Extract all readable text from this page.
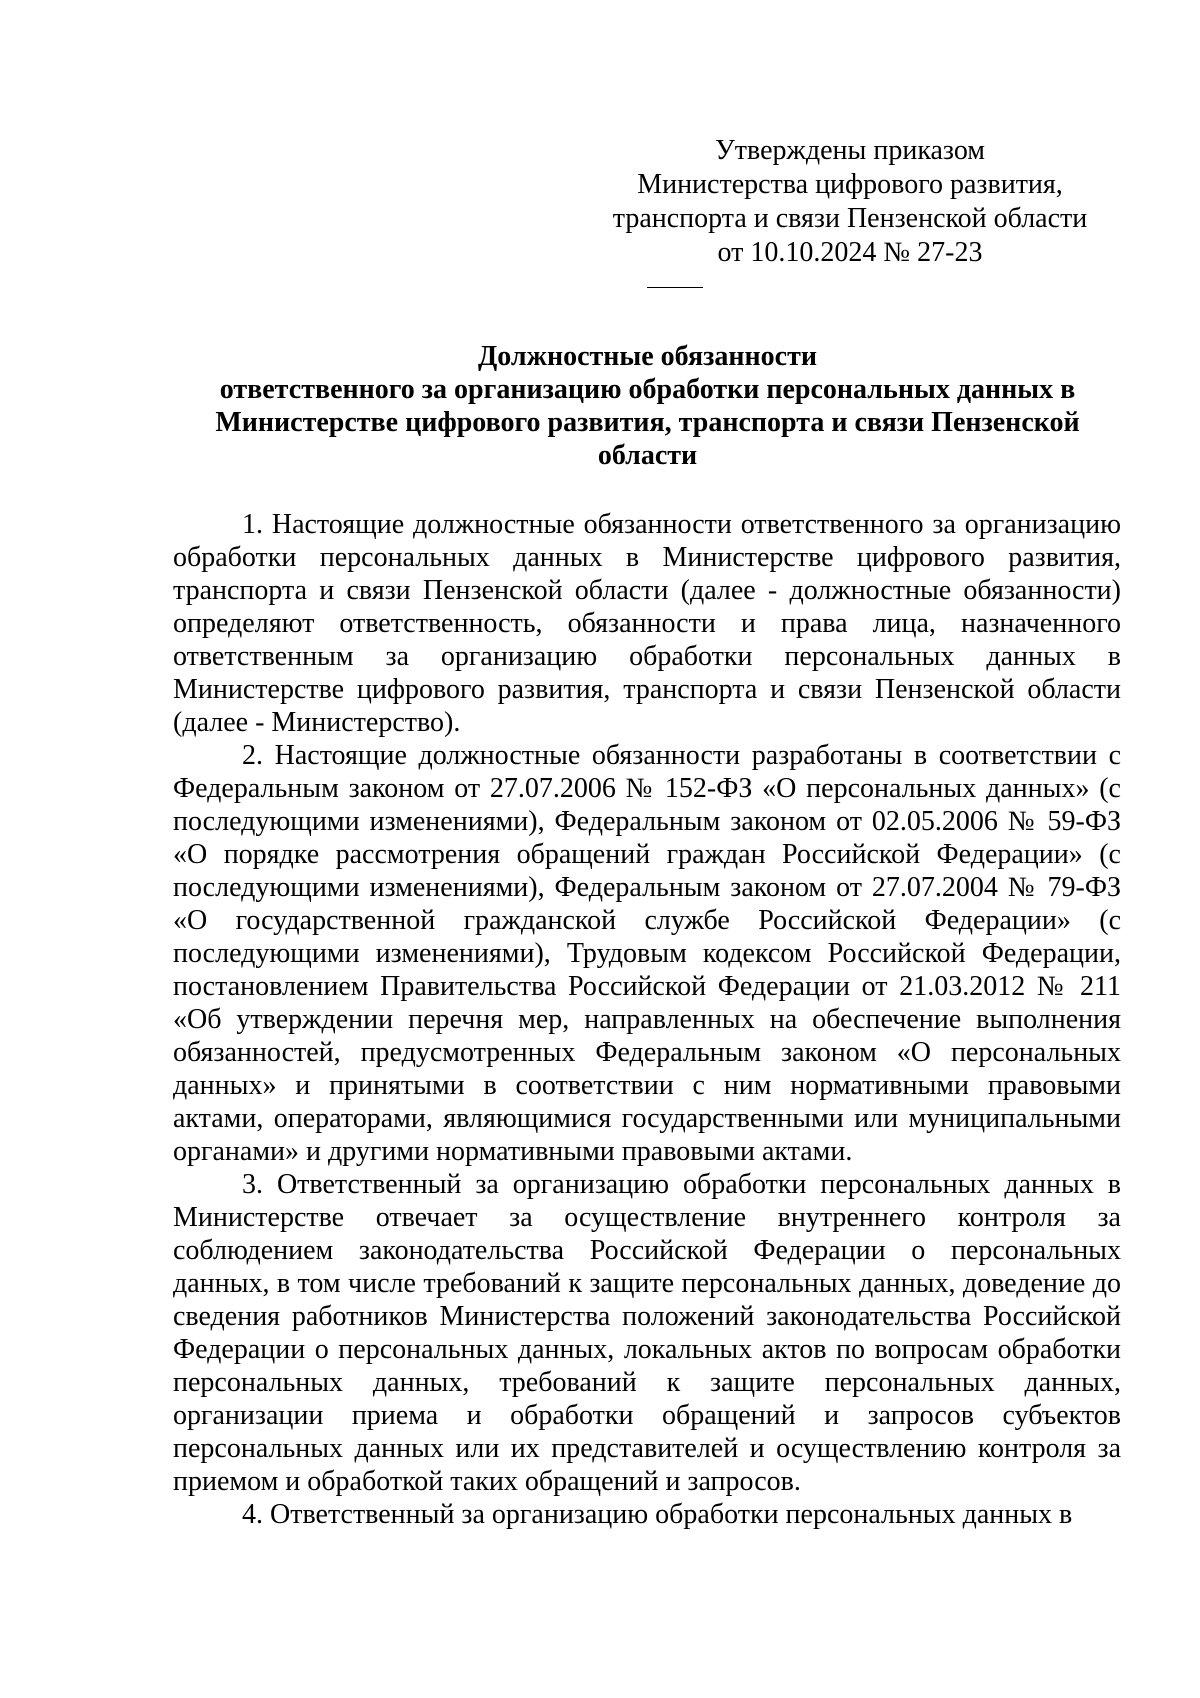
Утверждены приказом
Министерства цифрового развития,
транспорта и связи Пензенской области
от 10.10.2024 № 27-23
Должностные обязанности
ответственного за организацию обработки персональных данных в
Министерстве цифрового развития, транспорта и связи Пензенской
области

1. Настоящие должностные обязанности ответственного за организацию обработки персональных данных в Министерстве цифрового развития, транспорта и связи Пензенской области (далее - должностные обязанности) определяют ответственность, обязанности и права лица, назначенного ответственным за организацию обработки персональных данных в Министерстве цифрового развития, транспорта и связи Пензенской области (далее - Министерство).

2. Настоящие должностные обязанности разработаны в соответствии с Федеральным законом от 27.07.2006 № 152-ФЗ «О персональных данных» (с последующими изменениями), Федеральным законом от 02.05.2006 № 59-ФЗ «О порядке рассмотрения обращений граждан Российской Федерации» (с последующими изменениями), Федеральным законом от 27.07.2004 № 79-ФЗ «О государственной гражданской службе Российской Федерации» (с последующими изменениями), Трудовым кодексом Российской Федерации, постановлением Правительства Российской Федерации от 21.03.2012 № 211 «Об утверждении перечня мер, направленных на обеспечение выполнения обязанностей, предусмотренных Федеральным законом «О персональных данных» и принятыми в соответствии с ним нормативными правовыми актами, операторами, являющимися государственными или муниципальными органами» и другими нормативными правовыми актами.

3. Ответственный за организацию обработки персональных данных в Министерстве отвечает за осуществление внутреннего контроля за соблюдением законодательства Российской Федерации о персональных данных, в том числе требований к защите персональных данных, доведение до сведения работников Министерства положений законодательства Российской Федерации о персональных данных, локальных актов по вопросам обработки персональных данных, требований к защите персональных данных, организации приема и обработки обращений и запросов субъектов персональных данных или их представителей и осуществлению контроля за приемом и обработкой таких обращений и запросов.

4. Ответственный за организацию обработки персональных данных в
